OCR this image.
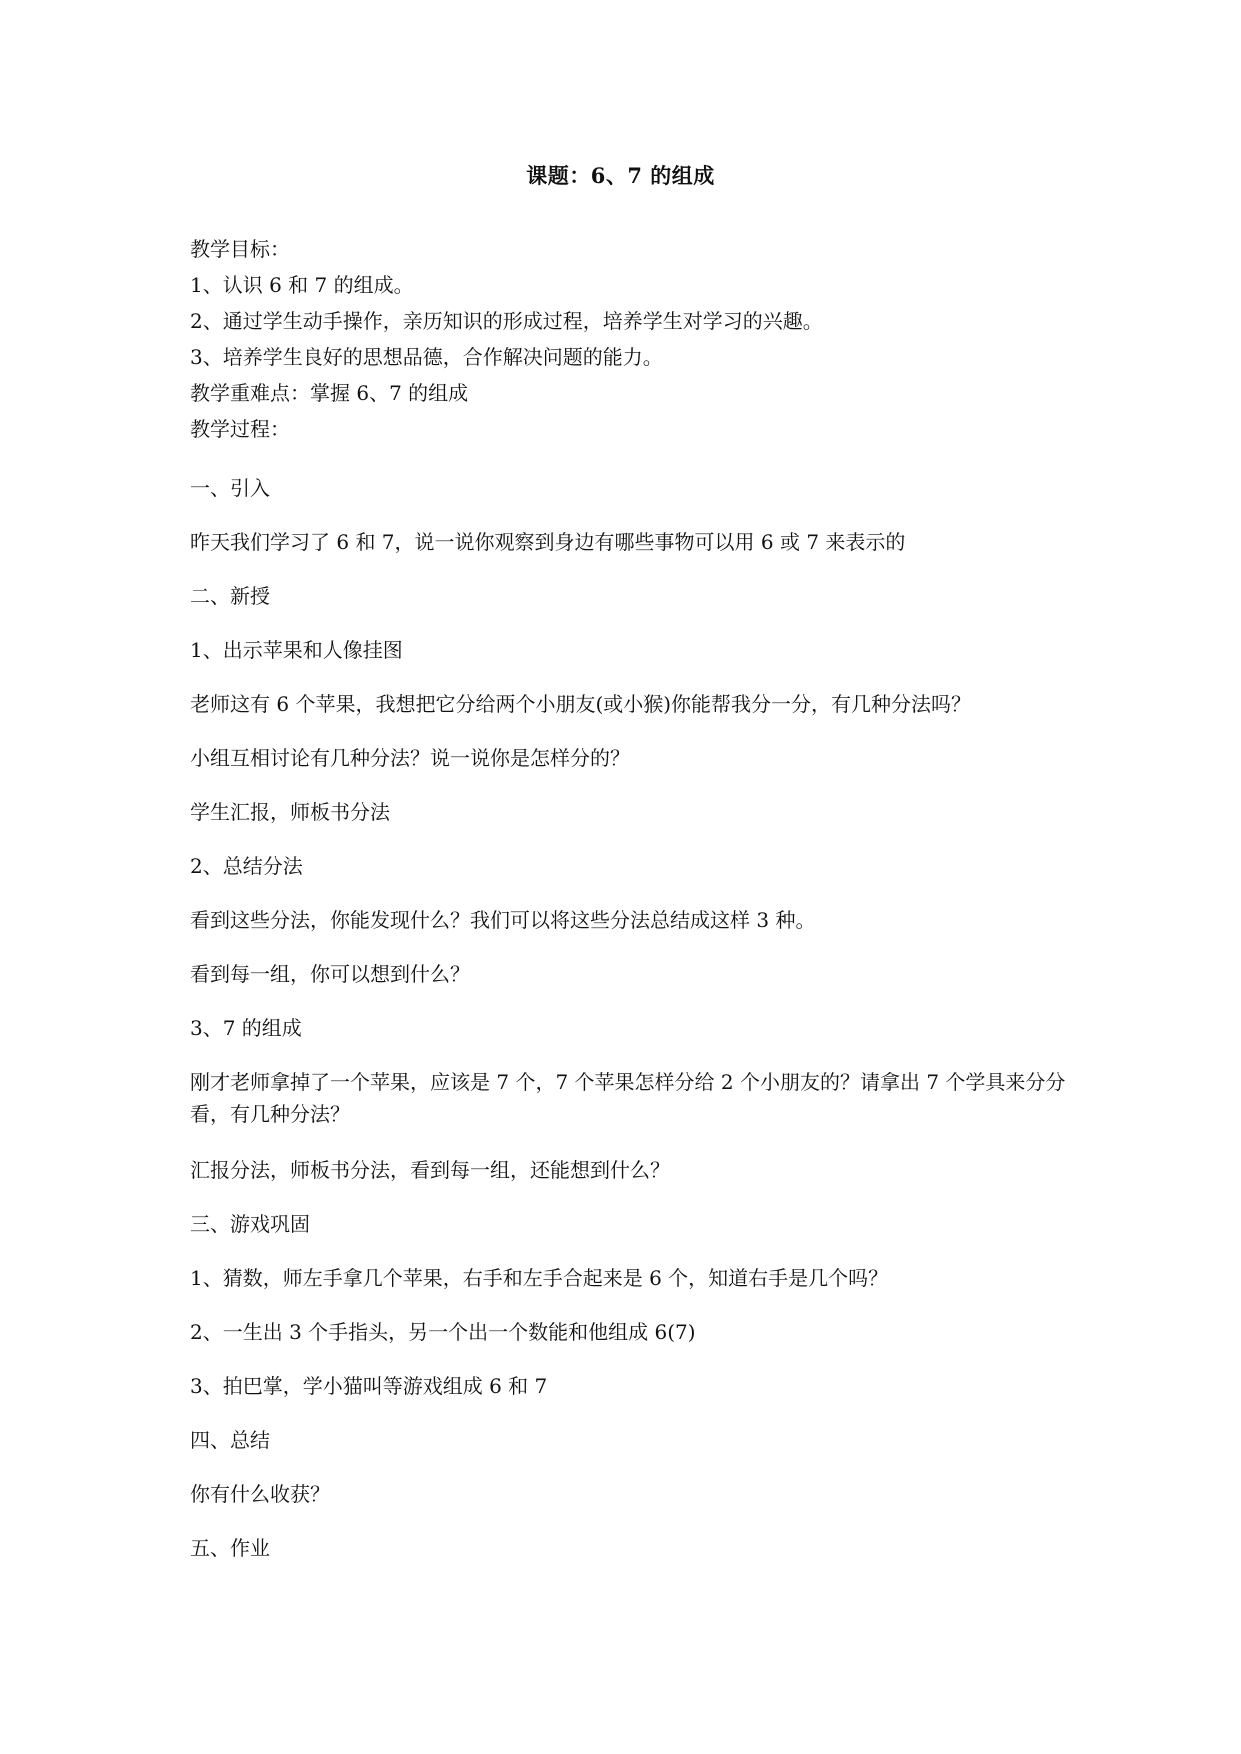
课题：6、7 的组成
教学目标：
1、认识 6 和 7 的组成。
2、通过学生动手操作，亲历知识的形成过程，培养学生对学习的兴趣。
3、培养学生良好的思想品德，合作解决问题的能力。
教学重难点：掌握 6、7 的组成
教学过程：
一、引入
昨天我们学习了 6 和 7，说一说你观察到身边有哪些事物可以用 6 或 7 来表示的
二、新授
1、出示苹果和人像挂图
老师这有 6 个苹果，我想把它分给两个小朋友(或小猴)你能帮我分一分，有几种分法吗？
小组互相讨论有几种分法？说一说你是怎样分的？
学生汇报，师板书分法
2、总结分法
看到这些分法，你能发现什么？我们可以将这些分法总结成这样 3 种。
看到每一组，你可以想到什么？
3、7 的组成
刚才老师拿掉了一个苹果，应该是 7 个，7 个苹果怎样分给 2 个小朋友的？请拿出 7 个学具来分分看，有几种分法？
汇报分法，师板书分法，看到每一组，还能想到什么？
三、游戏巩固
1、猜数，师左手拿几个苹果，右手和左手合起来是 6 个，知道右手是几个吗？
2、一生出 3 个手指头，另一个出一个数能和他组成 6(7)
3、拍巴掌，学小猫叫等游戏组成 6 和 7
四、总结
你有什么收获？
五、作业
